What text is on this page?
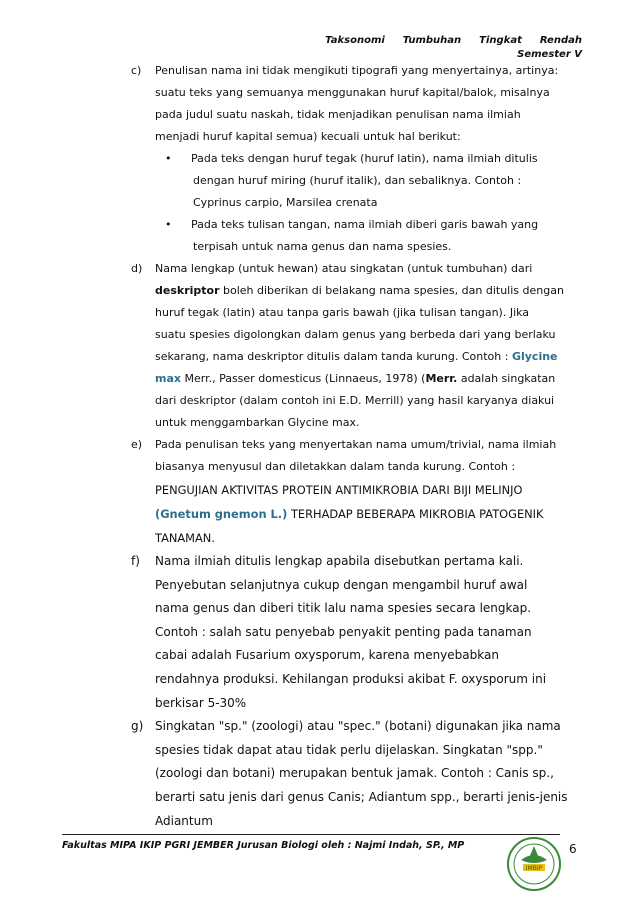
Taksonomi Tumbuhan Tingkat Rendah
Semester V
c) Penulisan nama ini tidak mengikuti tipografi yang menyertainya, artinya:
suatu teks yang semuanya menggunakan huruf kapital/balok, misalnya
pada judul suatu naskah, tidak menjadikan penulisan nama ilmiah
menjadi huruf kapital semua) kecuali untuk hal berikut:
•	Pada teks dengan huruf tegak (huruf latin), nama ilmiah ditulis
dengan huruf miring (huruf italik), dan sebaliknya. Contoh :
Cyprinus carpio, Marsilea crenata
•	Pada teks tulisan tangan, nama ilmiah diberi garis bawah yang
terpisah untuk nama genus dan nama spesies.
d) Nama lengkap (untuk hewan) atau singkatan (untuk tumbuhan) dari
deskriptor boleh diberikan di belakang nama spesies, dan ditulis dengan
huruf tegak (latin) atau tanpa garis bawah (jika tulisan tangan). Jika
suatu spesies digolongkan dalam genus yang berbeda dari yang berlaku
sekarang, nama deskriptor ditulis dalam tanda kurung. Contoh : Glycine
max Merr., Passer domesticus (Linnaeus, 1978) (Merr. adalah singkatan
dari deskriptor (dalam contoh ini E.D. Merrill) yang hasil karyanya diakui
untuk menggambarkan Glycine max.
e) Pada penulisan teks yang menyertakan nama umum/trivial, nama ilmiah
biasanya menyusul dan diletakkan dalam tanda kurung. Contoh :
PENGUJIAN AKTIVITAS PROTEIN ANTIMIKROBIA DARI BIJI MELINJO
(Gnetum gnemon L.) TERHADAP BEBERAPA MIKROBIA PATOGENIK
TANAMAN.
f) Nama ilmiah ditulis lengkap apabila disebutkan pertama kali.
Penyebutan selanjutnya cukup dengan mengambil huruf awal
nama genus dan diberi titik lalu nama spesies secara lengkap.
Contoh : salah satu penyebab penyakit penting pada tanaman
cabai adalah Fusarium oxysporum, karena menyebabkan
rendahnya produksi. Kehilangan produksi akibat F. oxysporum ini
berkisar 5-30%
g) Singkatan "sp." (zoologi) atau "spec." (botani) digunakan jika nama
spesies tidak dapat atau tidak perlu dijelaskan. Singkatan "spp."
(zoologi dan botani) merupakan bentuk jamak. Contoh : Canis sp.,
berarti satu jenis dari genus Canis; Adiantum spp., berarti jenis-jenis
Adiantum
Fakultas MIPA IKIP PGRI JEMBER Jurusan Biologi oleh : Najmi Indah, SP., MP
IMBIP
6
